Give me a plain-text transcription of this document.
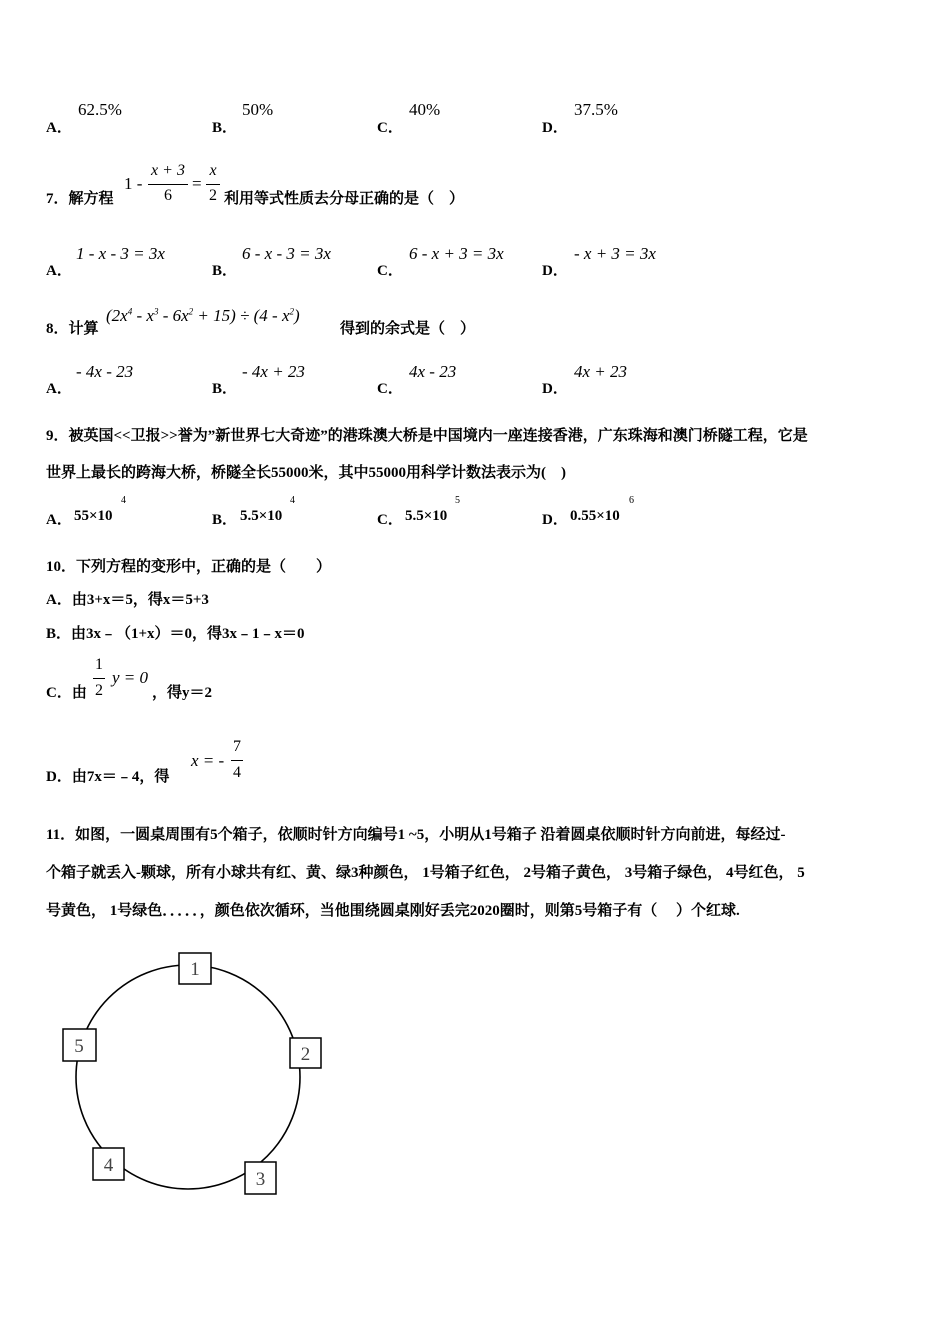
A．
62.5%
B．
50%
C．
40%
D．
37.5%
7．解方程
1 -
x + 3
6
=
x
2 利用等式性质去分母正确的是（　）
A．
1 - x - 3 = 3x
B．
6 - x - 3 = 3x
C．
6 - x + 3 = 3x
D．
- x + 3 = 3x
8．计算
$(2x^4 - x^3 - 6x^2 + 15) \div (4 - x^2)$
得到的余式是（　）
A．
- 4x - 23
B．
- 4x + 23
C．
4x - 23
D．
4x + 23
9．被英国<<卫报>>誉为”新世界七大奇迹”的港珠澳大桥是中国境内一座连接香港，广东珠海和澳门桥隧工程，它是
世界上最长的跨海大桥，桥隧全长55000米，其中55000用科学计数法表示为(　)
A． 55×10
4
B． 5.5×10
4
C． 5.5×10
5
D． 0.55×10
6
10．下列方程的变形中，正确的是（　　）
A．由3+x＝5，得x＝5+3
B．由3x﹣（1+x）＝0，得3x﹣1﹣x＝0
C．由
1
2
y = 0
，得y＝2
D．由7x＝﹣4，得
x = -
7
4
11．如图，一圆桌周围有5个箱子，依顺时针方向编号1 ~5，小明从1号箱子 沿着圆桌依顺时针方向前进，每经过-
个箱子就丢入-颗球，所有小球共有红、黄、绿3种颜色， 1号箱子红色， 2号箱子黄色， 3号箱子绿色， 4号红色， 5
号黄色， 1号绿色．．．．．，颜色依次循环，当他围绕圆桌刚好丢完2020圈时，则第5号箱子有（　 ）个红球.
1
2
3
4
5
